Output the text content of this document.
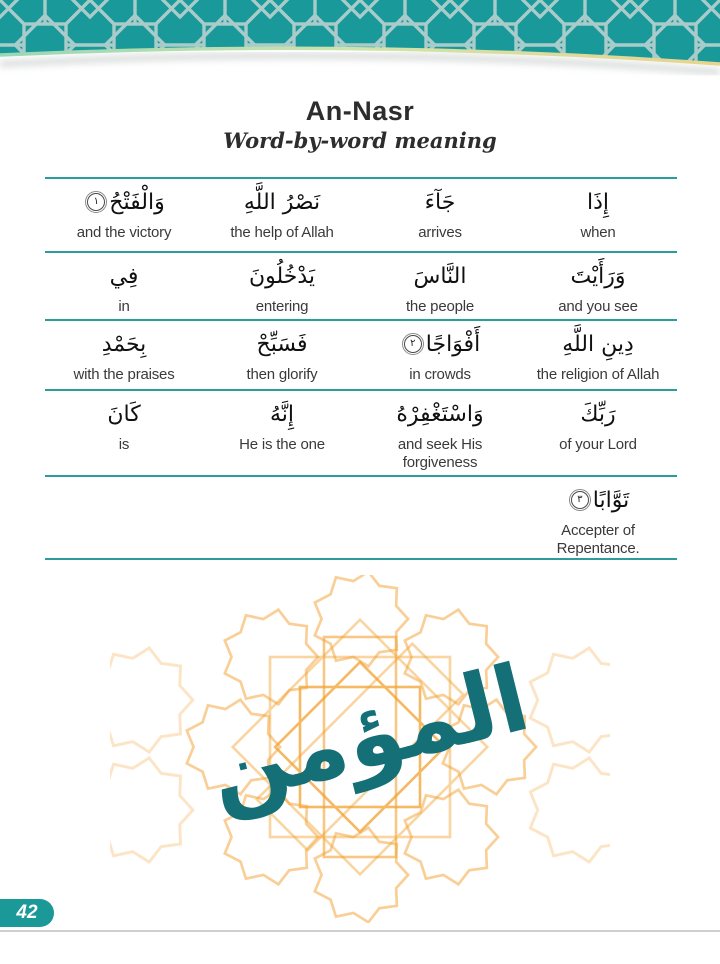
An-Nasr
Word-by-word meaning
إِذَا
when
جَآءَ
arrives
نَصْرُ اللَّهِ
the help of Allah
وَالْفَتْحُ١
and the victory
وَرَأَيْتَ
and you see
النَّاسَ
the people
يَدْخُلُونَ
entering
فِي
in
دِينِ اللَّهِ
the religion of Allah
أَفْوَاجًا٢
in crowds
فَسَبِّحْ
then glorify
بِحَمْدِ
with the praises
رَبِّكَ
of your Lord
وَاسْتَغْفِرْهُ
and seek His forgiveness
إِنَّهُ
He is the one
كَانَ
is
تَوَّابًا٣
Accepter of Repentance.
المؤمن
42
